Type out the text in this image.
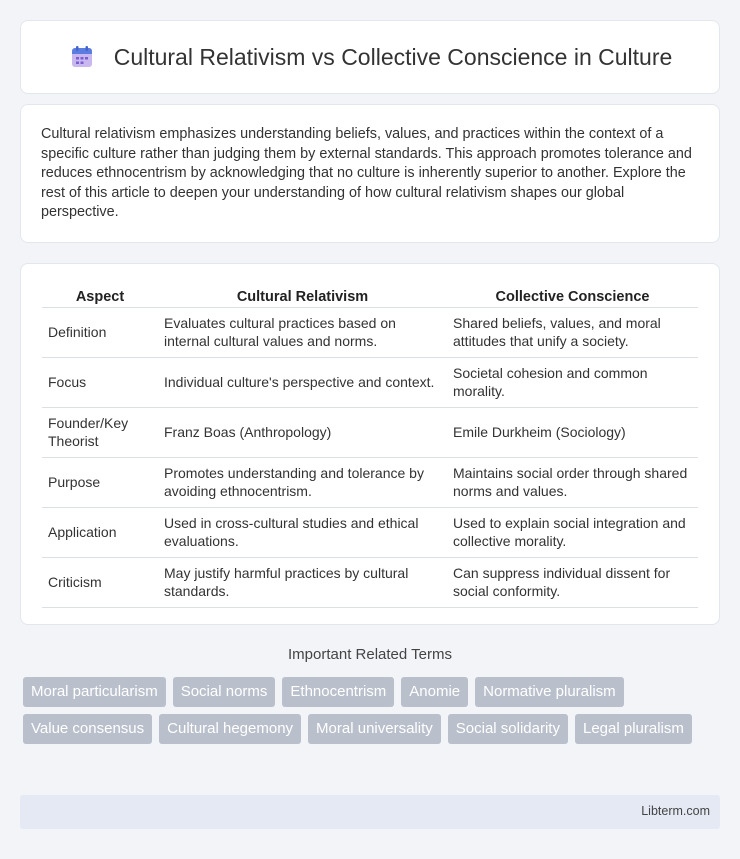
Cultural Relativism vs Collective Conscience in Culture

Cultural relativism emphasizes understanding beliefs, values, and practices within the context of a specific culture rather than judging them by external standards. This approach promotes tolerance and reduces ethnocentrism by acknowledging that no culture is inherently superior to another. Explore the rest of this article to deepen your understanding of how cultural relativism shapes our global perspective.

Aspect	Cultural Relativism	Collective Conscience
Definition	Evaluates cultural practices based on internal cultural values and norms.	Shared beliefs, values, and moral attitudes that unify a society.
Focus	Individual culture's perspective and context.	Societal cohesion and common morality.
Founder/Key Theorist	Franz Boas (Anthropology)	Emile Durkheim (Sociology)
Purpose	Promotes understanding and tolerance by avoiding ethnocentrism.	Maintains social order through shared norms and values.
Application	Used in cross-cultural studies and ethical evaluations.	Used to explain social integration and collective morality.
Criticism	May justify harmful practices by cultural standards.	Can suppress individual dissent for social conformity.
Important Related Terms
Moral particularism	Social norms	Ethnocentrism	Anomie	Normative pluralism
Value consensus	Cultural hegemony	Moral universality	Social solidarity	Legal pluralism
Libterm.com
